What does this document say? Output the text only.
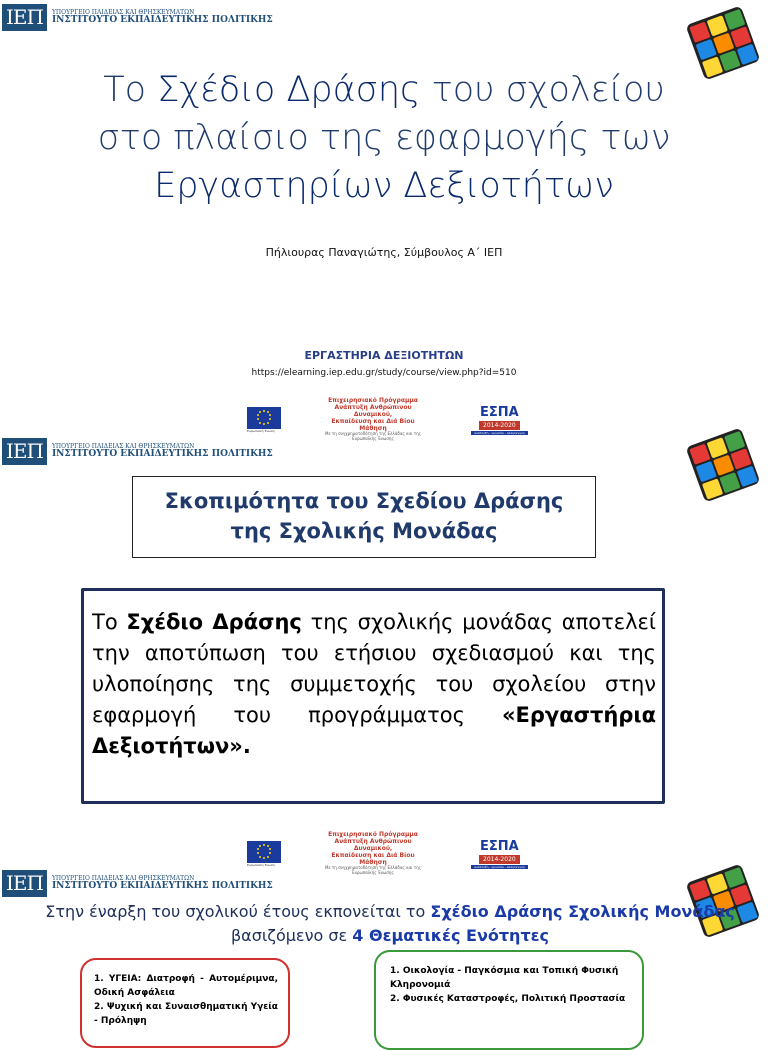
ΙΕΠ	ΥΠΟΥΡΓΕΙΟ ΠΑΙΔΕΙΑΣ ΚΑΙ ΘΡΗΣΚΕΥΜΑΤΩΝ
ΙΝΣΤΙΤΟΥΤΟ ΕΚΠΑΙΔΕΥΤΙΚΗΣ ΠΟΛΙΤΙΚΗΣ
Το Σχέδιο Δράσης του σχολείου
στο πλαίσιο της εφαρμογής των
Εργαστηρίων Δεξιοτήτων
Πήλιουρας Παναγιώτης, Σύμβουλος Α΄ ΙΕΠ
ΕΡΓΑΣΤΗΡΙΑ ΔΕΞΙΟΤΗΤΩΝ
https://elearning.iep.edu.gr/study/course/view.php?id=510
Ευρωπαϊκή Ένωση
Επιχειρησιακό Πρόγραμμα
Ανάπτυξη Ανθρώπινου Δυναμικού,
Εκπαίδευση και Διά Βίου Μάθηση
Με τη συγχρηματοδότηση της Ελλάδας και της Ευρωπαϊκής Ένωσης
ΕΣΠΑ
2014-2020
ανάπτυξη - εργασία - αλληλεγγύη
ΙΕΠ	ΥΠΟΥΡΓΕΙΟ ΠΑΙΔΕΙΑΣ ΚΑΙ ΘΡΗΣΚΕΥΜΑΤΩΝ
ΙΝΣΤΙΤΟΥΤΟ ΕΚΠΑΙΔΕΥΤΙΚΗΣ ΠΟΛΙΤΙΚΗΣ
Σκοπιμότητα του Σχεδίου Δράσης
της Σχολικής Μονάδας
Το Σχέδιο Δράσης της σχολικής μονάδας αποτελεί την αποτύπωση του ετήσιου σχεδιασμού και της υλοποίησης της συμμετοχής του σχολείου στην εφαρμογή του προγράμματος «Εργαστήρια Δεξιοτήτων».
Ευρωπαϊκή Ένωση
Επιχειρησιακό Πρόγραμμα
Ανάπτυξη Ανθρώπινου Δυναμικού,
Εκπαίδευση και Διά Βίου Μάθηση
Με τη συγχρηματοδότηση της Ελλάδας και της Ευρωπαϊκής Ένωσης
ΕΣΠΑ
2014-2020
ανάπτυξη - εργασία - αλληλεγγύη
ΙΕΠ	ΥΠΟΥΡΓΕΙΟ ΠΑΙΔΕΙΑΣ ΚΑΙ ΘΡΗΣΚΕΥΜΑΤΩΝ
ΙΝΣΤΙΤΟΥΤΟ ΕΚΠΑΙΔΕΥΤΙΚΗΣ ΠΟΛΙΤΙΚΗΣ
Στην έναρξη του σχολικού έτους εκπονείται το Σχέδιο Δράσης Σχολικής Μονάδας βασιζόμενο σε 4 Θεματικές Ενότητες
1. ΥΓΕΙΑ: Διατροφή - Αυτομέριμνα, Οδική Ασφάλεια
2. Ψυχική και Συναισθηματική Υγεία - Πρόληψη
1. Οικολογία - Παγκόσμια και Τοπική Φυσική Κληρονομιά
2. Φυσικές Καταστροφές, Πολιτική Προστασία
